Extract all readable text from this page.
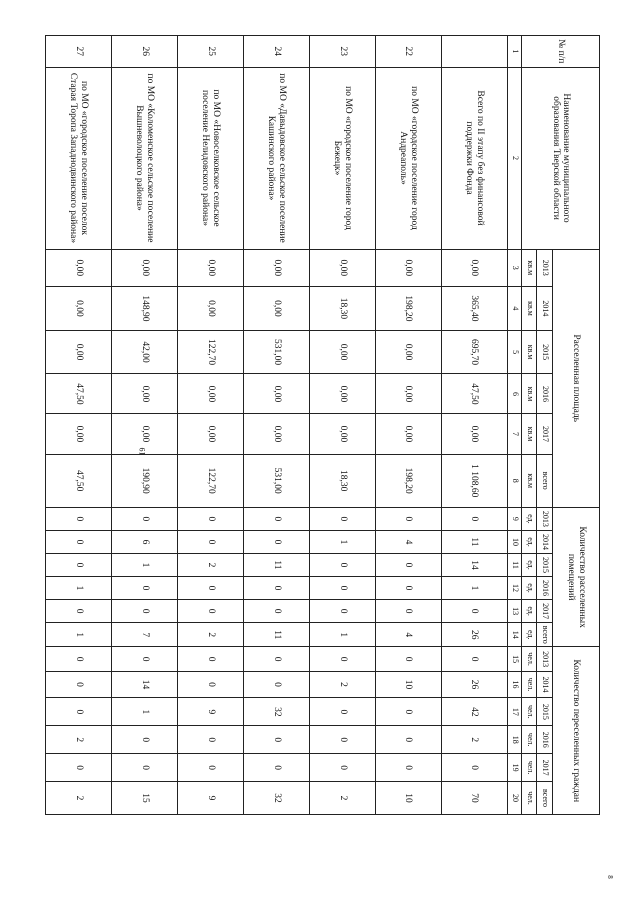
61
8
№ п/п	Наименование муниципального образования Тверской области	Расселенная площадь						Количество расселенных помещений						Количество переселенных граждан					
		2013	2014	2015	2016	2017	всего	2013	2014	2015	2016	2017	всего	2013	2014	2015	2016	2017	всего
		кв.м	кв.м	кв.м	кв.м	кв.м	кв.м	ед.	ед.	ед.	ед.	ед.	ед.	чел.	чел.	чел.	чел.	чел.	чел.
1	2	3	4	5	6	7	8	9	10	11	12	13	14	15	16	17	18	19	20
	Всего по II этапу без финансовой поддержки Фонда	0,00	365,40	695,70	47,50	0,00	1 108,60	0	11	14	1	0	26	0	26	42	2	0	70
22	по МО «городское поселение город Андреаполь»	0,00	198,20	0,00	0,00	0,00	198,20	0	4	0	0	0	4	0	10	0	0	0	10
23	по МО «городское поселение город Бежецк»	0,00	18,30	0,00	0,00	0,00	18,30	0	1	0	0	0	1	0	2	0	0	0	2
24	по МО «Давыдовское сельское поселение Кашинского района»	0,00	0,00	531,00	0,00	0,00	531,00	0	0	11	0	0	11	0	0	32	0	0	32
25	по МО «Новоселковское сельское поселение Нелидовского района»	0,00	0,00	122,70	0,00	0,00	122,70	0	0	2	0	0	2	0	0	9	0	0	9
26	по МО «Коломенское сельское поселение Вышневолоцкого района»	0,00	148,90	42,00	0,00	0,00	190,90	0	6	1	0	0	7	0	14	1	0	0	15
27	по МО «городское поселение поселок Старая Торопа Западнодвинского района»	0,00	0,00	0,00	47,50	0,00	47,50	0	0	0	1	0	1	0	0	0	2	0	2
